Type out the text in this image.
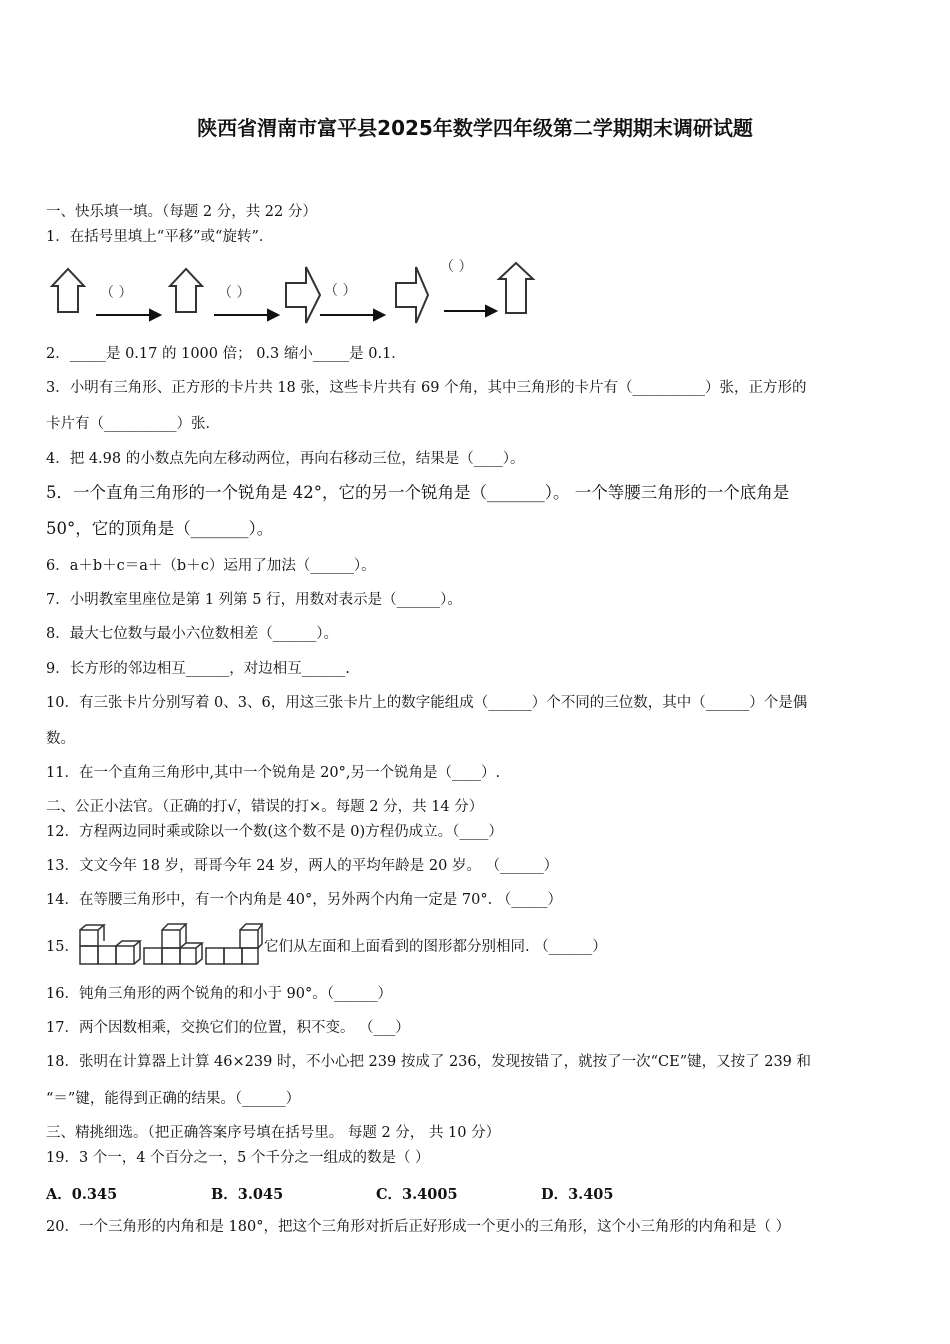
陕西省渭南市富平县2025年数学四年级第二学期期末调研试题
一、快乐填一填。（每题 2 分，共 22 分）
1．在括号里填上“平移”或“旋转”．
（ ）	（ ）	（ ）
（ ）
2．_____是 0.17 的 1000 倍； 0.3 缩小_____是 0.1．
3．小明有三角形、正方形的卡片共 18 张，这些卡片共有 69 个角，其中三角形的卡片有（__________）张，正方形的
卡片有（__________）张．
4．把 4.98 的小数点先向左移动两位，再向右移动三位，结果是（____）。
5．一个直角三角形的一个锐角是 42°，它的另一个锐角是（_______）。 一个等腰三角形的一个底角是
50°，它的顶角是（_______）。
6．a＋b＋c＝a＋（b＋c）运用了加法（______）。
7．小明教室里座位是第 1 列第 5 行，用数对表示是（______）。
8．最大七位数与最小六位数相差（______）。
9．长方形的邻边相互______，对边相互______.
10．有三张卡片分别写着 0、3、6，用这三张卡片上的数字能组成（______）个不同的三位数，其中（______）个是偶
数。
11．在一个直角三角形中,其中一个锐角是 20°,另一个锐角是（____）.
二、公正小法官。（正确的打√，错误的打×。每题 2 分，共 14 分）
12．方程两边同时乘或除以一个数(这个数不是 0)方程仍成立。（____）
13．文文今年 18 岁，哥哥今年 24 岁，两人的平均年龄是 20 岁。 （______）
14．在等腰三角形中，有一个内角是 40°，另外两个内角一定是 70°. （_____）
15．	它们从左面和上面看到的图形都分别相同. （______）
16．钝角三角形的两个锐角的和小于 90°。（______）
17．两个因数相乘，交换它们的位置，积不变。 （___）
18．张明在计算器上计算 46×239 时，不小心把 239 按成了 236，发现按错了，就按了一次“CE”键，又按了 239 和
“＝”键，能得到正确的结果。（______）
三、精挑细选。（把正确答案序号填在括号里。 每题 2 分， 共 10 分）
19．3 个一，4 个百分之一，5 个千分之一组成的数是（ ）
A．0.345	B．3.045	C．3.4005	D．3.405
20．一个三角形的内角和是 180°，把这个三角形对折后正好形成一个更小的三角形，这个小三角形的内角和是（ ）
